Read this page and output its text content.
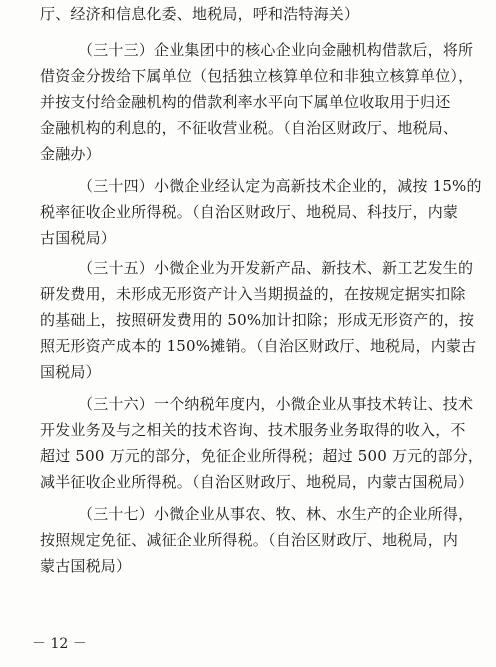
厅、经济和信息化委、地税局，呼和浩特海关）
（三十三）企业集团中的核心企业向金融机构借款后，将所
借资金分拨给下属单位（包括独立核算单位和非独立核算单位），
并按支付给金融机构的借款利率水平向下属单位收取用于归还
金融机构的利息的，不征收营业税。（自治区财政厅、地税局、
金融办）
（三十四）小微企业经认定为高新技术企业的，减按 15%的
税率征收企业所得税。（自治区财政厅、地税局、科技厅，内蒙
古国税局）
（三十五）小微企业为开发新产品、新技术、新工艺发生的
研发费用，未形成无形资产计入当期损益的，在按规定据实扣除
的基础上，按照研发费用的 50%加计扣除；形成无形资产的，按
照无形资产成本的 150%摊销。（自治区财政厅、地税局，内蒙古
国税局）
（三十六）一个纳税年度内，小微企业从事技术转让、技术
开发业务及与之相关的技术咨询、技术服务业务取得的收入，不
超过 500 万元的部分，免征企业所得税；超过 500 万元的部分，
减半征收企业所得税。（自治区财政厅、地税局，内蒙古国税局）
（三十七）小微企业从事农、牧、林、水生产的企业所得，
按照规定免征、减征企业所得税。（自治区财政厅、地税局，内
蒙古国税局）
－ 12 －
